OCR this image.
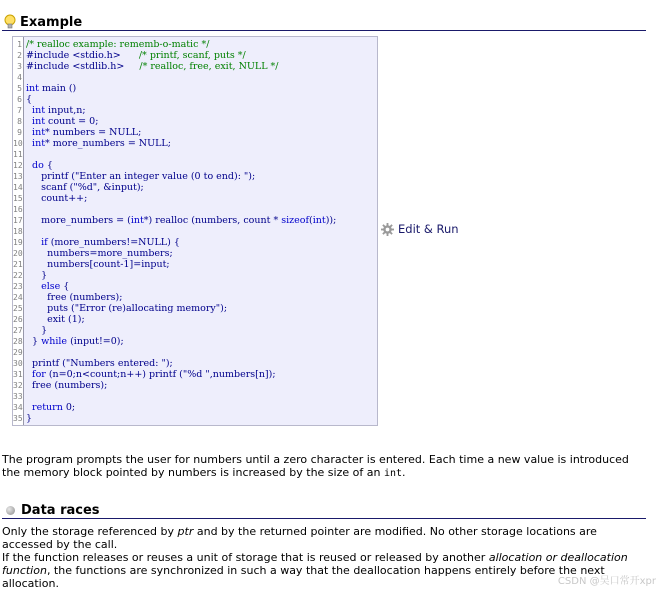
Example
1 /* realloc example: rememb-o-matic */
2 #include <stdio.h>      /* printf, scanf, puts */
3 #include <stdlib.h>     /* realloc, free, exit, NULL */
4
5 int main ()
6 {
7	int input,n;
8	int count = 0;
9	int* numbers = NULL;
10 int* more_numbers = NULL;
11
12 do {
13 printf ("Enter an integer value (0 to end): ");
14 scanf ("%d", &input);
15 count++;
16
17 more_numbers = (int*) realloc (numbers, count * sizeof(int));
18
19	if (more_numbers!=NULL) {
20 numbers=more_numbers;
21 numbers[count-1]=input;
22 }
23	else {
24 free (numbers);
25 puts ("Error (re)allocating memory");
26 exit (1);
27 }
28 } while (input!=0);
29
30 printf ("Numbers entered: ");
31 for (n=0;n<count;n++) printf ("%d ",numbers[n]);
32 free (numbers);
33
34 return 0;
35 }
Edit & Run
The program prompts the user for numbers until a zero character is entered. Each time a new value is introduced the memory block pointed by numbers is increased by the size of an int.
Data races
Only the storage referenced by ptr and by the returned pointer are modified. No other storage locations are accessed by the call.
If the function releases or reuses a unit of storage that is reused or released by another allocation or deallocation function, the functions are synchronized in such a way that the deallocation happens entirely before the next allocation.	CSDN @吴口常开xpr
